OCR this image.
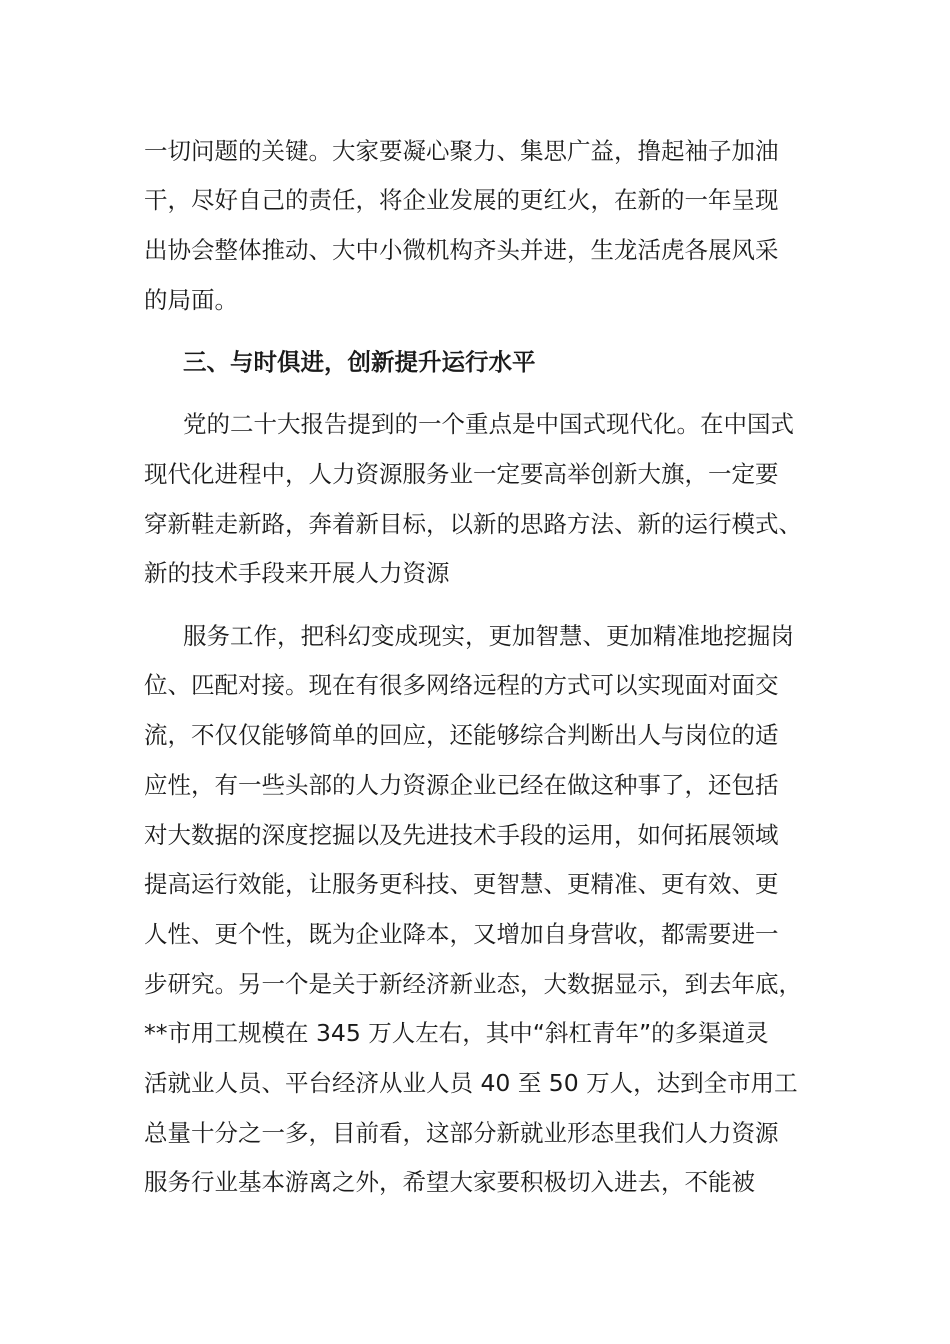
一切问题的关键。大家要凝心聚力、集思广益，撸起袖子加油
干，尽好自己的责任，将企业发展的更红火，在新的一年呈现
出协会整体推动、大中小微机构齐头并进，生龙活虎各展风采
的局面。
三、与时俱进，创新提升运行水平
党的二十大报告提到的一个重点是中国式现代化。在中国式
现代化进程中，人力资源服务业一定要高举创新大旗，一定要
穿新鞋走新路，奔着新目标，以新的思路方法、新的运行模式、
新的技术手段来开展人力资源
服务工作，把科幻变成现实，更加智慧、更加精准地挖掘岗
位、匹配对接。现在有很多网络远程的方式可以实现面对面交
流，不仅仅能够简单的回应，还能够综合判断出人与岗位的适
应性，有一些头部的人力资源企业已经在做这种事了，还包括
对大数据的深度挖掘以及先进技术手段的运用，如何拓展领域
提高运行效能，让服务更科技、更智慧、更精准、更有效、更
人性、更个性，既为企业降本，又增加自身营收，都需要进一
步研究。另一个是关于新经济新业态，大数据显示，到去年底，
**市用工规模在 345 万人左右，其中“斜杠青年”的多渠道灵
活就业人员、平台经济从业人员 40 至 50 万人，达到全市用工
总量十分之一多，目前看，这部分新就业形态里我们人力资源
服务行业基本游离之外，希望大家要积极切入进去，不能被
